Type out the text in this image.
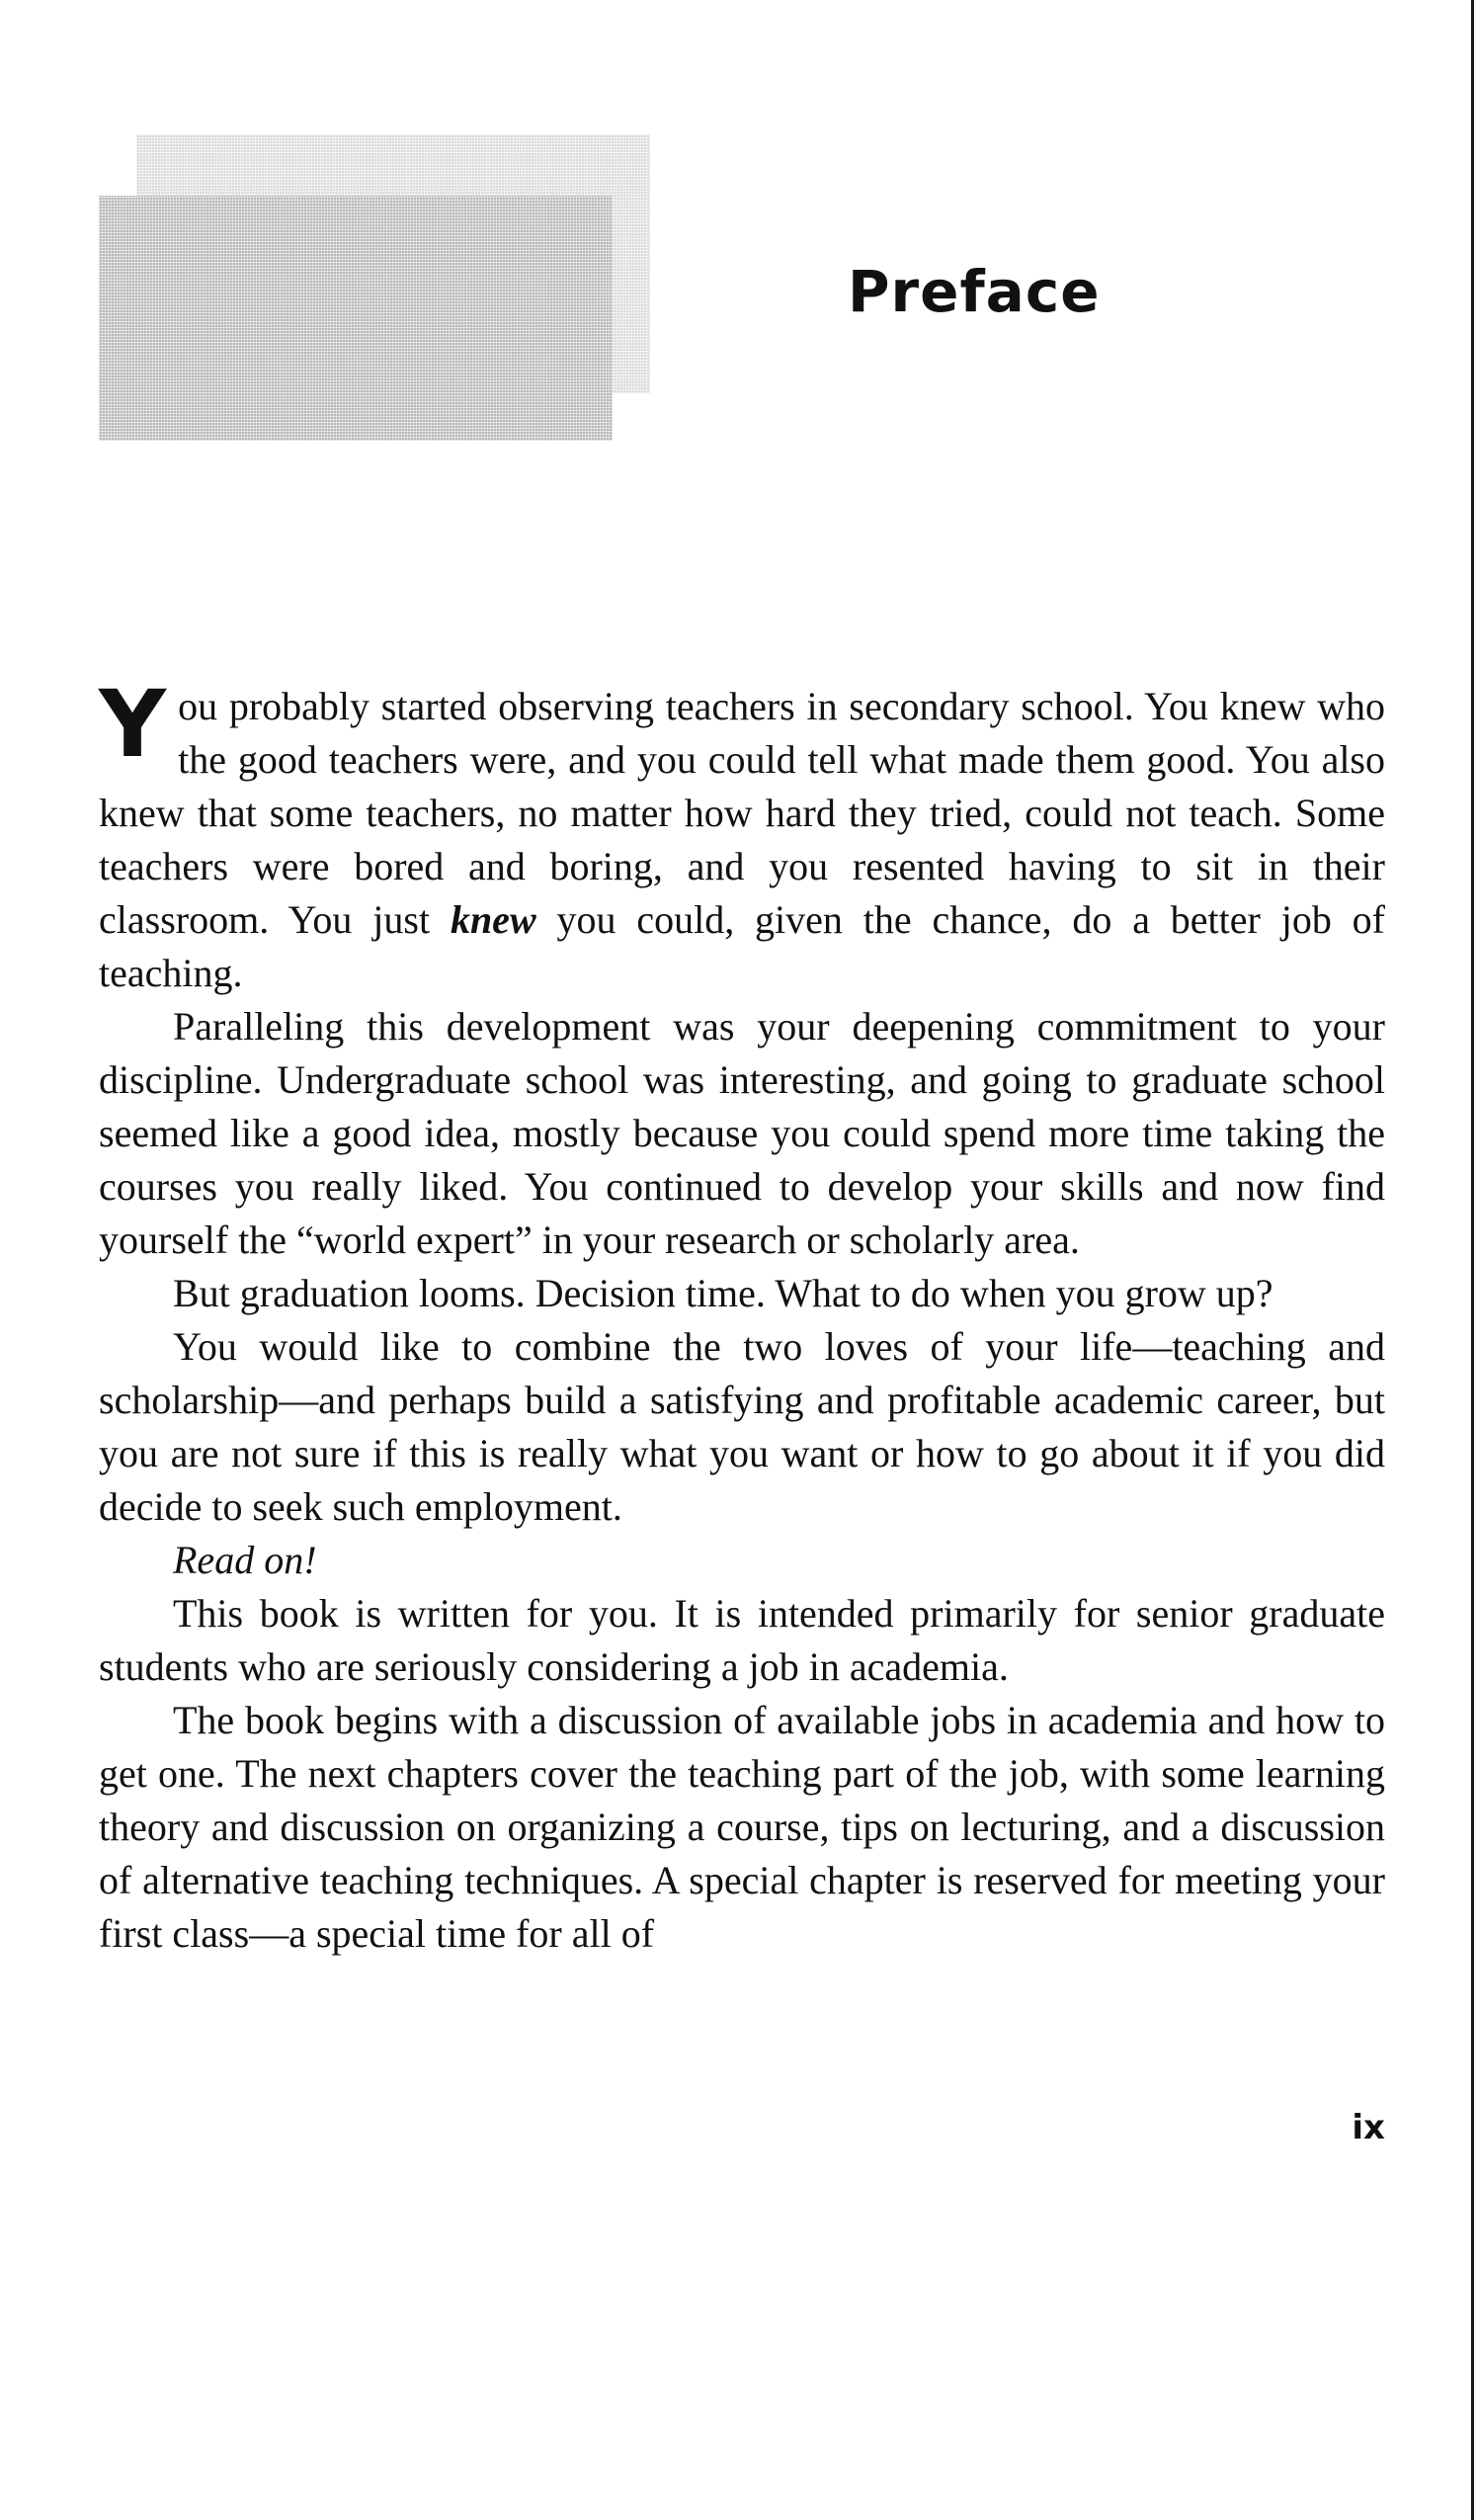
Preface

You probably started observing teachers in secondary school. You knew who the good teachers were, and you could tell what made them good. You also knew that some teachers, no matter how hard they tried, could not teach. Some teachers were bored and boring, and you resented having to sit in their classroom. You just knew you could, given the chance, do a better job of teaching.

Paralleling this development was your deepening commitment to your discipline. Undergraduate school was interesting, and going to graduate school seemed like a good idea, mostly because you could spend more time taking the courses you really liked. You continued to develop your skills and now find yourself the “world expert” in your research or scholarly area.

But graduation looms. Decision time. What to do when you grow up?

You would like to combine the two loves of your life—teaching and scholarship—and perhaps build a satisfying and profitable academic career, but you are not sure if this is really what you want or how to go about it if you did decide to seek such employment.

Read on!

This book is written for you. It is intended primarily for senior graduate students who are seriously considering a job in academia.

The book begins with a discussion of available jobs in academia and how to get one. The next chapters cover the teaching part of the job, with some learning theory and discussion on organizing a course, tips on lecturing, and a discussion of alternative teaching techniques. A special chapter is reserved for meeting your first class—a special time for all of

ix
